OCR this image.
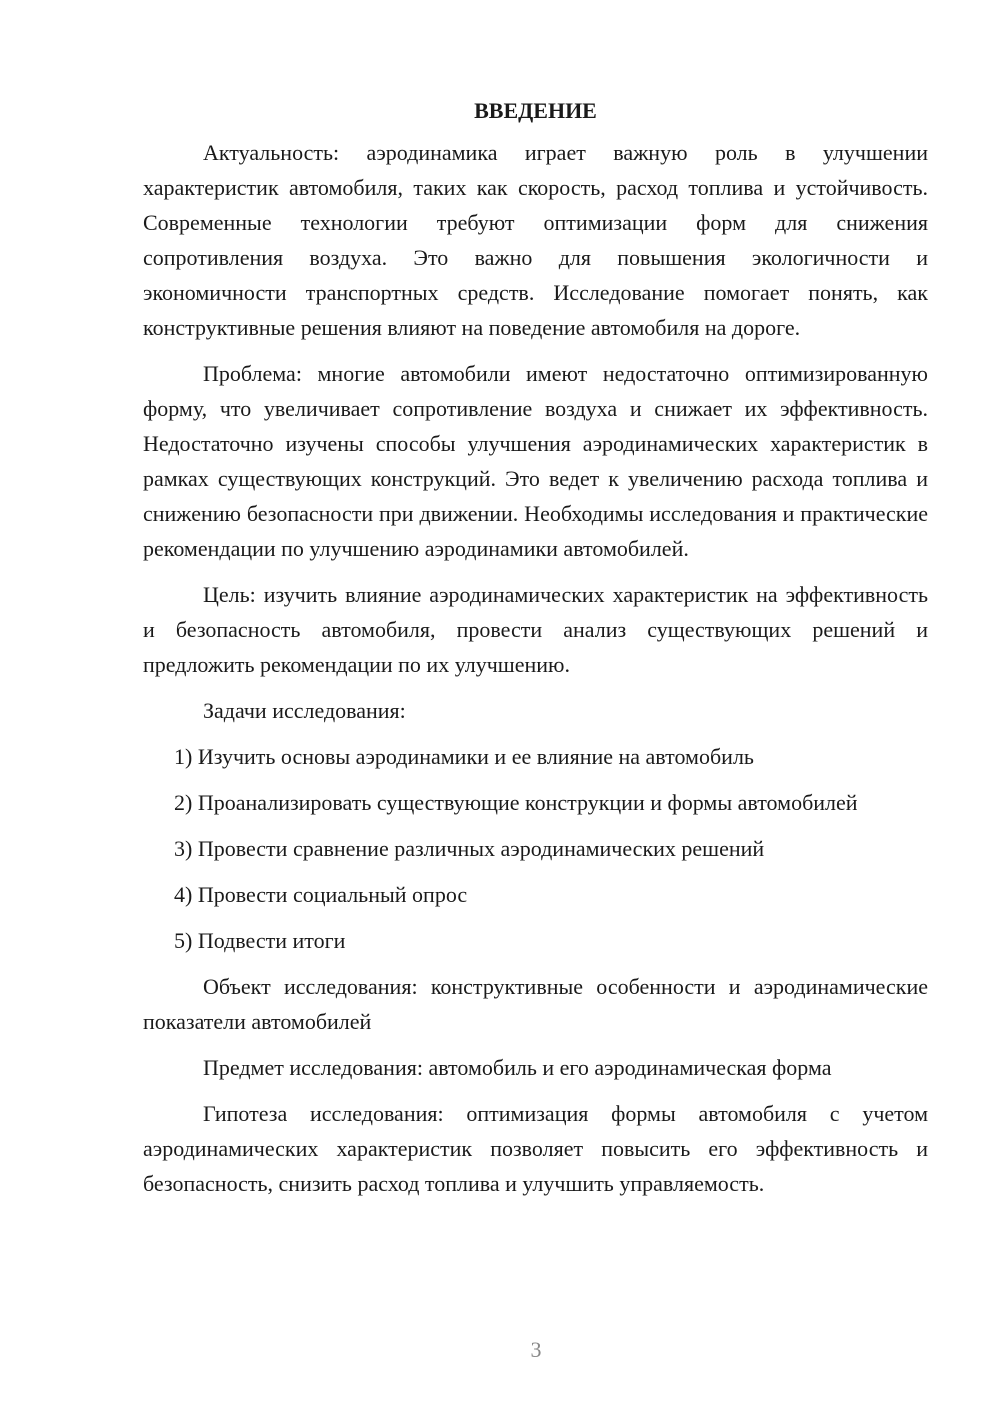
ВВЕДЕНИЕ

Актуальность: аэродинамика играет важную роль в улучшении характеристик автомобиля, таких как скорость, расход топлива и устойчивость. Современные технологии требуют оптимизации форм для снижения сопротивления воздуха. Это важно для повышения экологичности и экономичности транспортных средств. Исследование помогает понять, как конструктивные решения влияют на поведение автомобиля на дороге.

Проблема: многие автомобили имеют недостаточно оптимизированную форму, что увеличивает сопротивление воздуха и снижает их эффективность. Недостаточно изучены способы улучшения аэродинамических характеристик в рамках существующих конструкций. Это ведет к увеличению расхода топлива и снижению безопасности при движении. Необходимы исследования и практические рекомендации по улучшению аэродинамики автомобилей.

Цель: изучить влияние аэродинамических характеристик на эффективность и безопасность автомобиля, провести анализ существующих решений и предложить рекомендации по их улучшению.

Задачи исследования:

1) Изучить основы аэродинамики и ее влияние на автомобиль

2) Проанализировать существующие конструкции и формы автомобилей

3) Провести сравнение различных аэродинамических решений

4) Провести социальный опрос

5) Подвести итоги

Объект исследования: конструктивные особенности и аэродинамические показатели автомобилей

Предмет исследования: автомобиль и его аэродинамическая форма

Гипотеза исследования: оптимизация формы автомобиля с учетом аэродинамических характеристик позволяет повысить его эффективность и безопасность, снизить расход топлива и улучшить управляемость.

3
